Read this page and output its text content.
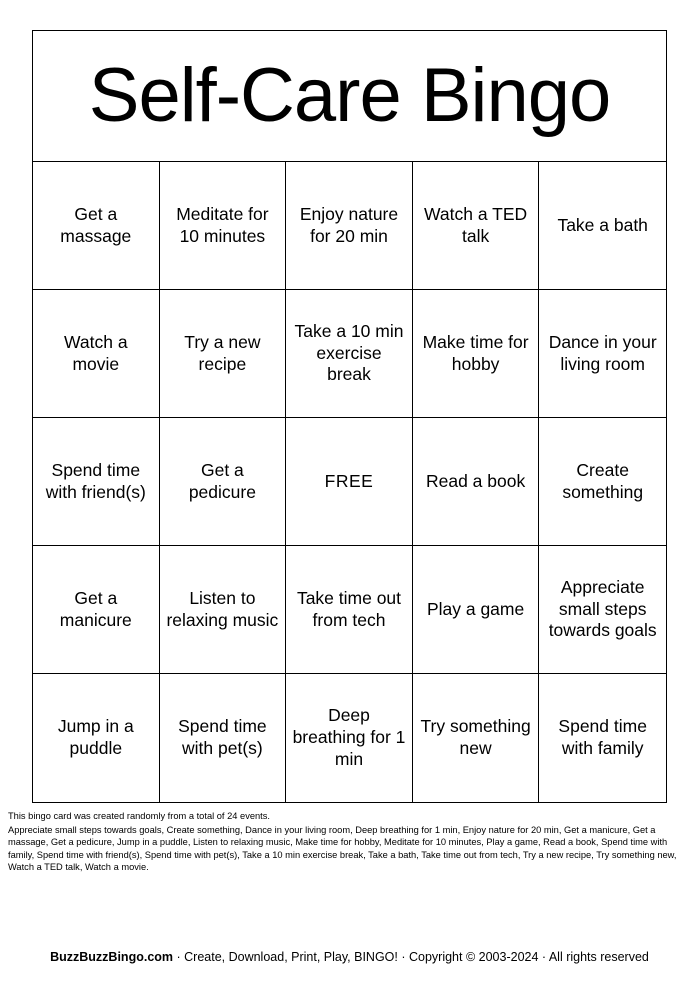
Self-Care Bingo
Get a massage
Meditate for 10 minutes
Enjoy nature for 20 min
Watch a TED talk
Take a bath
Watch a movie
Try a new recipe
Take a 10 min exercise break
Make time for hobby
Dance in your living room
Spend time with friend(s)
Get a pedicure
FREE	Read a book
Create something
Get a manicure
Listen to relaxing music
Take time out from tech
Play a game
Appreciate small steps towards goals
Jump in a puddle
Spend time with pet(s)
Deep breathing for 1 min
Try something new
Spend time with family
This bingo card was created randomly from a total of 24 events.
Appreciate small steps towards goals, Create something, Dance in your living room, Deep breathing for 1 min, Enjoy nature for 20 min, Get a manicure, Get a massage, Get a pedicure, Jump in a puddle, Listen to relaxing music, Make time for hobby, Meditate for 10 minutes, Play a game, Read a book, Spend time with family, Spend time with friend(s), Spend time with pet(s), Take a 10 min exercise break, Take a bath, Take time out from tech, Try a new recipe, Try something new, Watch a TED talk, Watch a movie.
BuzzBuzzBingo.com · Create, Download, Print, Play, BINGO! · Copyright © 2003-2024 · All rights reserved
